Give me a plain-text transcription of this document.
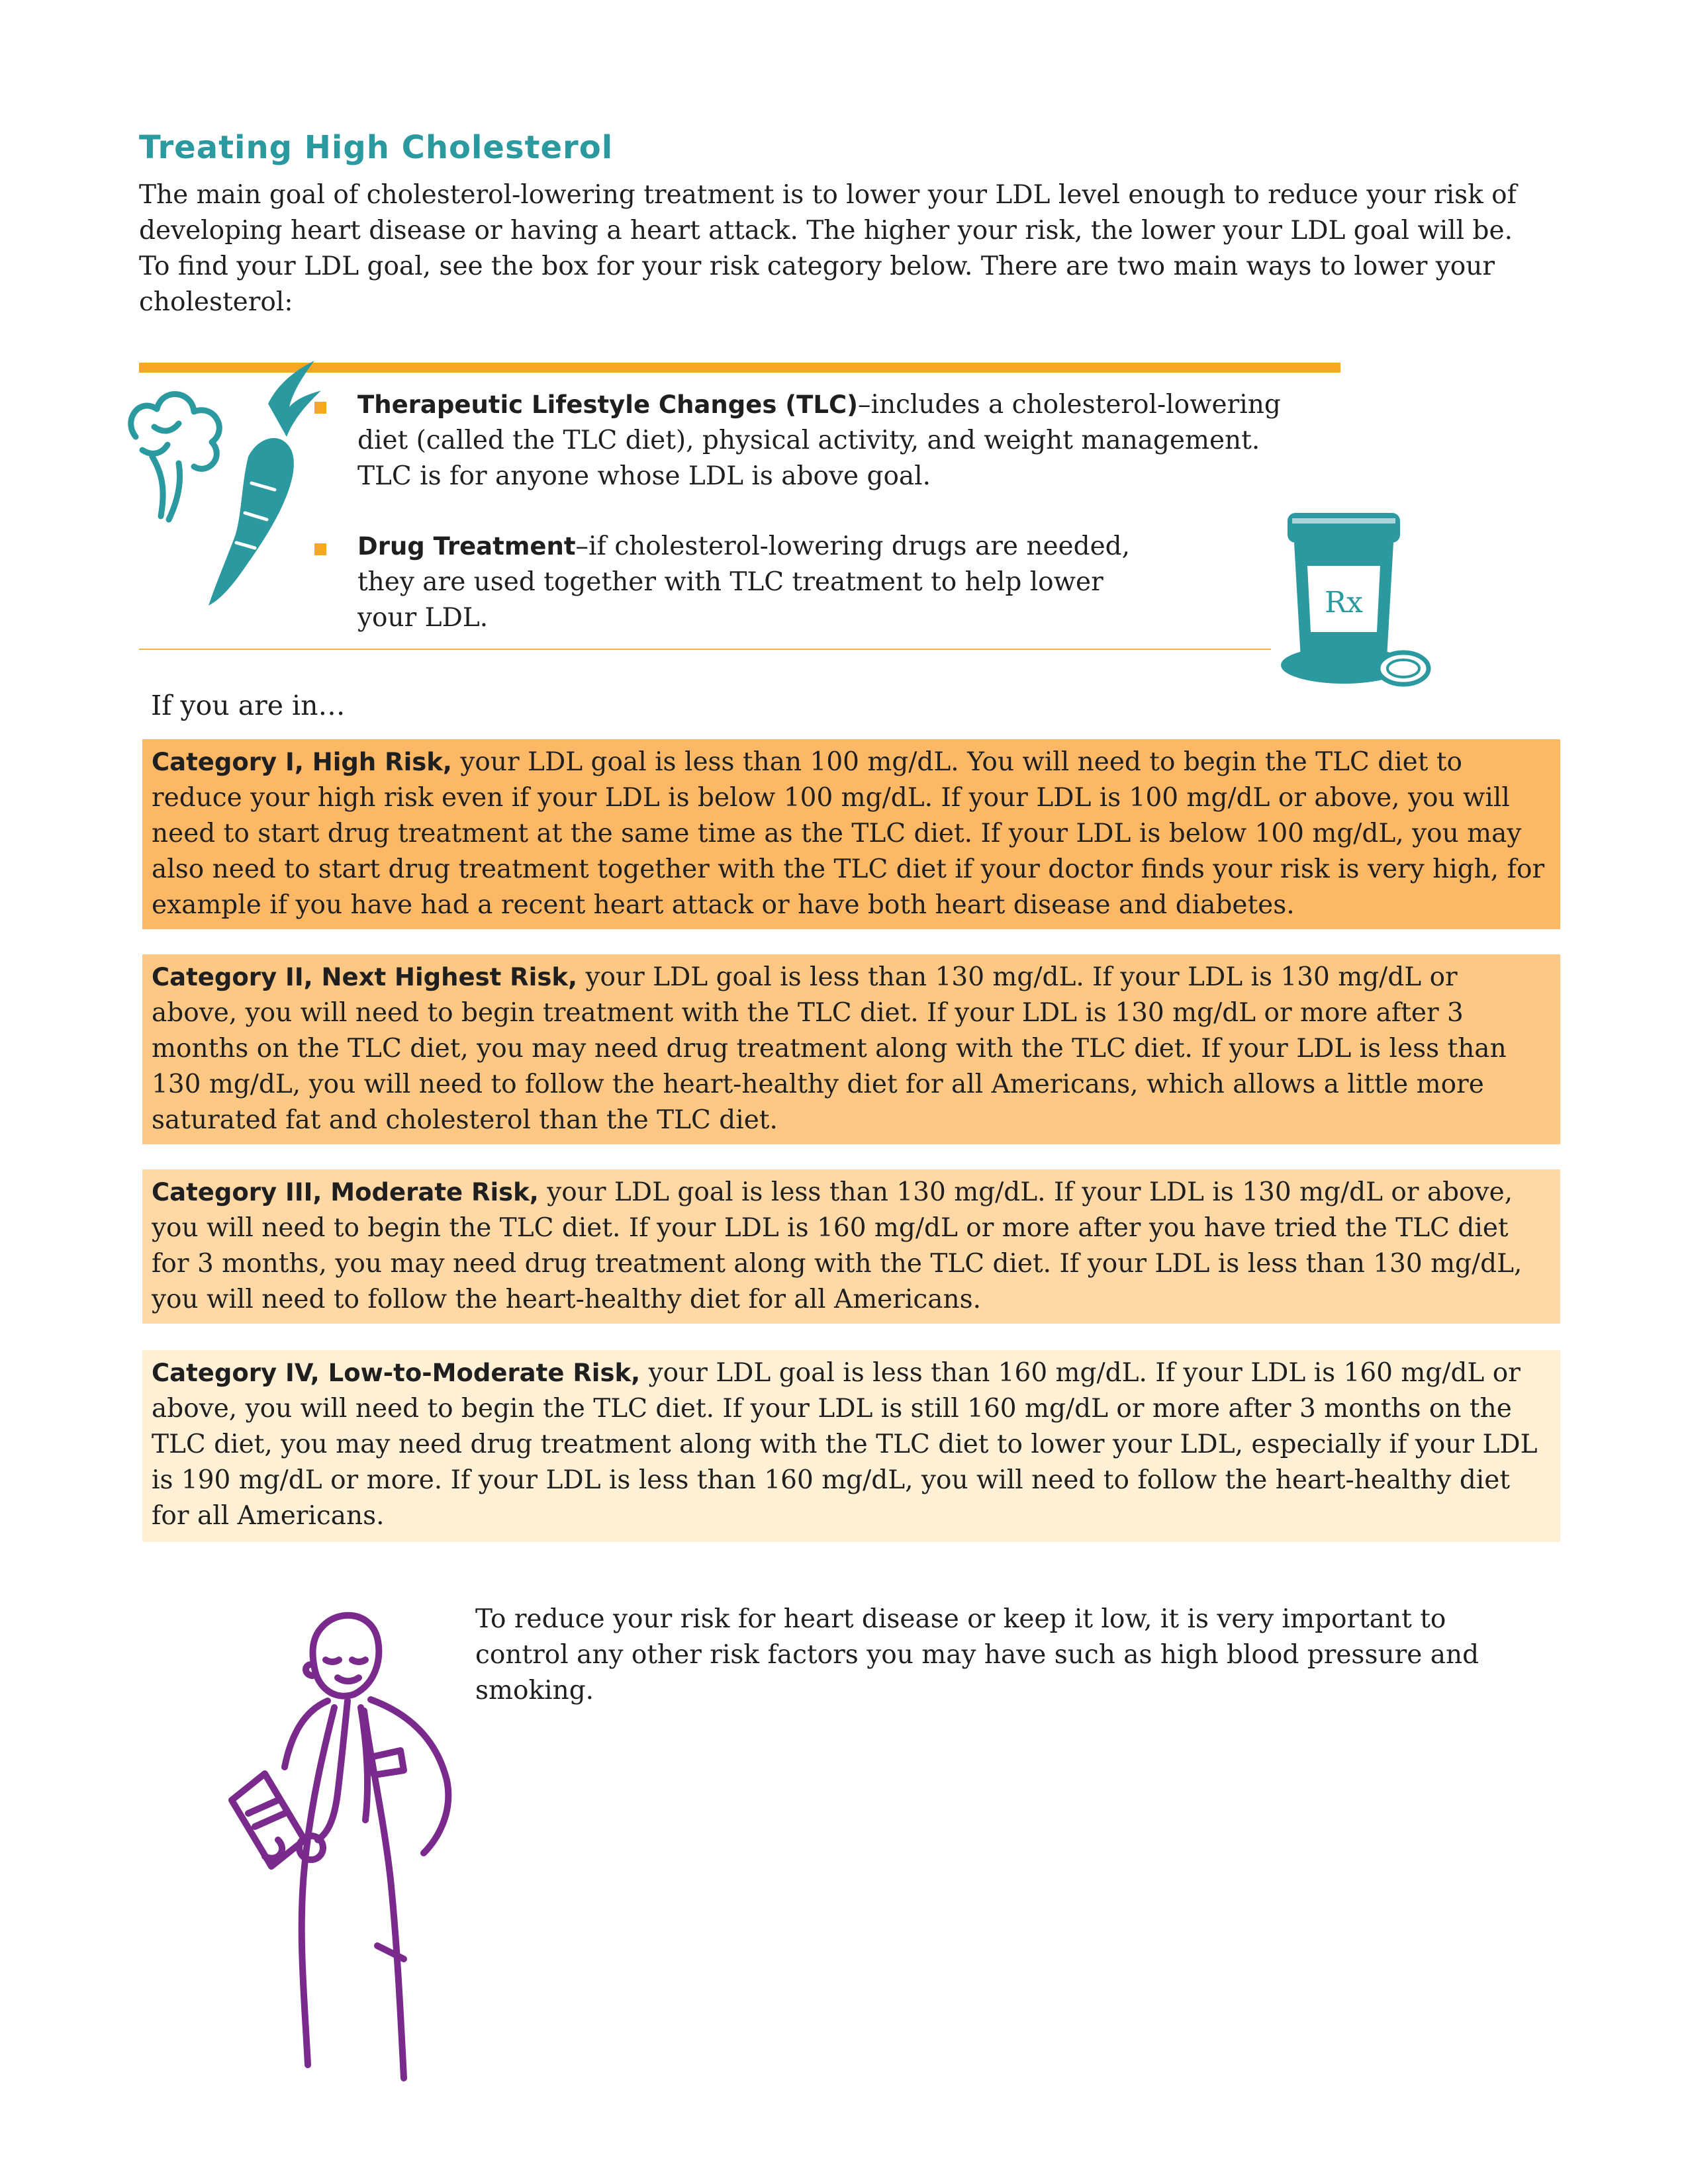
Treating High Cholesterol

The main goal of cholesterol-lowering treatment is to lower your LDL level enough to reduce your risk of developing heart disease or having a heart attack. The higher your risk, the lower your LDL goal will be. To find your LDL goal, see the box for your risk category below. There are two main ways to lower your cholesterol:

Therapeutic Lifestyle Changes (TLC)–includes a cholesterol-lowering diet (called the TLC diet), physical activity, and weight management. TLC is for anyone whose LDL is above goal.
Drug Treatment–if cholesterol-lowering drugs are needed, they are used together with TLC treatment to help lower your LDL.	Rx

If you are in…

Category I, High Risk, your LDL goal is less than 100 mg/dL. You will need to begin the TLC diet to reduce your high risk even if your LDL is below 100 mg/dL. If your LDL is 100 mg/dL or above, you will need to start drug treatment at the same time as the TLC diet. If your LDL is below 100 mg/dL, you may also need to start drug treatment together with the TLC diet if your doctor finds your risk is very high, for example if you have had a recent heart attack or have both heart disease and diabetes.
Category II, Next Highest Risk, your LDL goal is less than 130 mg/dL. If your LDL is 130 mg/dL or above, you will need to begin treatment with the TLC diet. If your LDL is 130 mg/dL or more after 3 months on the TLC diet, you may need drug treatment along with the TLC diet. If your LDL is less than 130 mg/dL, you will need to follow the heart-healthy diet for all Americans, which allows a little more saturated fat and cholesterol than the TLC diet.
Category III, Moderate Risk, your LDL goal is less than 130 mg/dL. If your LDL is 130 mg/dL or above, you will need to begin the TLC diet. If your LDL is 160 mg/dL or more after you have tried the TLC diet for 3 months, you may need drug treatment along with the TLC diet. If your LDL is less than 130 mg/dL, you will need to follow the heart-healthy diet for all Americans.
Category IV, Low-to-Moderate Risk, your LDL goal is less than 160 mg/dL. If your LDL is 160 mg/dL or above, you will need to begin the TLC diet. If your LDL is still 160 mg/dL or more after 3 months on the TLC diet, you may need drug treatment along with the TLC diet to lower your LDL, especially if your LDL is 190 mg/dL or more. If your LDL is less than 160 mg/dL, you will need to follow the heart-healthy diet for all Americans.

To reduce your risk for heart disease or keep it low, it is very important to control any other risk factors you may have such as high blood pressure and smoking.
